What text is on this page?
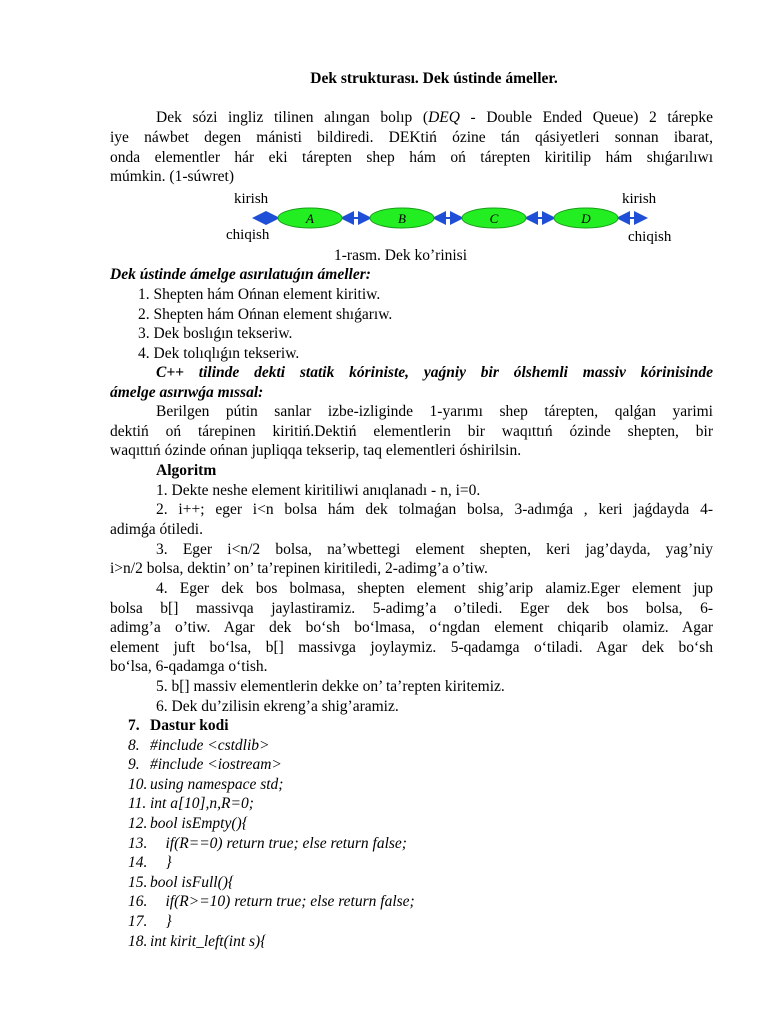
Dek strukturası. Dek ústinde ámeller.
Dek sózi ingliz tilinen alıngan bolıp (DEQ - Double Ended Queue) 2 tárepke
iye náwbet degen mánisti bildiredi. DEKtiń ózine tán qásiyetleri sonnan ibarat,
onda elementler hár eki tárepten shep hám oń tárepten kiritilip hám shıǵarılıwı
múmkin. (1-súwret)
kirish	kirish
chiqish	chiqish
A	B	C	D
1-rasm. Dek ko’rinisi
Dek ústinde ámelge asırılatuǵın ámeller:
1. Shepten hám Ońnan element kiritiw.
2. Shepten hám Ońnan element shıǵarıw.
3. Dek boslıǵın tekseriw.
4. Dek tolıqlıǵın tekseriw.
C++ tilinde dekti statik kóriniste, yaǵniy bir ólshemli massiv kórinisinde
ámelge asırıwǵa mıssal:
Berilgen pútin sanlar izbe-izliginde 1-yarımı shep tárepten, qalǵan yarimi
dektiń oń tárepinen kiritiń.Dektiń elementlerin bir waqıttıń ózinde shepten, bir
waqıttıń ózinde ońnan jupliqqa tekserip, taq elementleri óshirilsin.
Algoritm
1. Dekte neshe element kiritiliwi anıqlanadı - n, i=0.
2. i++; eger i<n bolsa hám dek tolmaǵan bolsa, 3-adımǵa , keri jaǵdayda 4-
adimǵa ótiledi.
3. Eger i<n/2 bolsa, na’wbettegi element shepten, keri jag’dayda, yag’niy
i>n/2 bolsa, dektin’ on’ ta’repinen kiritiledi, 2-adimg’a o’tiw.
4. Eger dek bos bolmasa, shepten element shig’arip alamiz.Eger element jup
bolsa b[] massivqa jaylastiramiz. 5-adimg’a o’tiledi. Eger dek bos bolsa, 6-
adimg’a o’tiw. Agar dek bo‘sh bo‘lmasa, o‘ngdan element chiqarib olamiz. Agar
element juft bo‘lsa, b[] massivga joylaymiz. 5-qadamga o‘tiladi. Agar dek bo‘sh
bo‘lsa, 6-qadamga o‘tish.
5. b[] massiv elementlerin dekke on’ ta’repten kiritemiz.
6. Dek du’zilisin ekreng’a shig’aramiz.
7. Dastur kodi
8. #include <cstdlib>
9. #include <iostream>
10. using namespace std;
11. int a[10],n,R=0;
12. bool isEmpty(){
13.    if(R==0) return true; else return false;
14.    }
15. bool isFull(){
16.    if(R>=10) return true; else return false;
17.    }
18. int kirit_left(int s){
